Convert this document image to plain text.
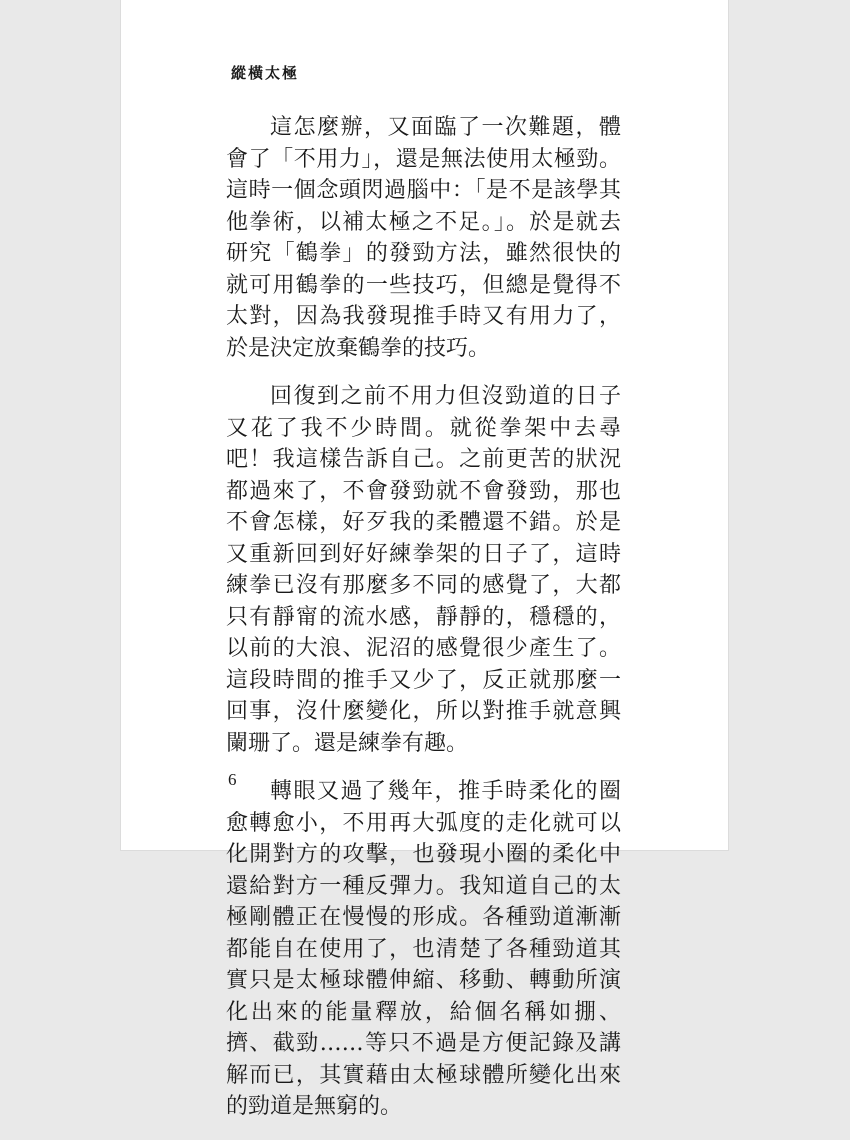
縱橫太極

這怎麼辦，又面臨了一次難題，體會了「不用力」，還是無法使用太極勁。這時一個念頭閃過腦中：「是不是該學其他拳術，以補太極之不足。」。於是就去研究「鶴拳」的發勁方法，雖然很快的就可用鶴拳的一些技巧，但總是覺得不太對，因為我發現推手時又有用力了，於是決定放棄鶴拳的技巧。

回復到之前不用力但沒勁道的日子又花了我不少時間。就從拳架中去尋吧！我這樣告訴自己。之前更苦的狀況都過來了，不會發勁就不會發勁，那也不會怎樣，好歹我的柔體還不錯。於是又重新回到好好練拳架的日子了，這時練拳已沒有那麼多不同的感覺了，大都只有靜甯的流水感，靜靜的，穩穩的，以前的大浪、泥沼的感覺很少產生了。這段時間的推手又少了，反正就那麼一回事，沒什麼變化，所以對推手就意興闌珊了。還是練拳有趣。

轉眼又過了幾年，推手時柔化的圈愈轉愈小，不用再大弧度的走化就可以化開對方的攻擊，也發現小圈的柔化中還給對方一種反彈力。我知道自己的太極剛體正在慢慢的形成。各種勁道漸漸都能自在使用了，也清楚了各種勁道其實只是太極球體伸縮、移動、轉動所演化出來的能量釋放，給個名稱如掤、擠、截勁……等只不過是方便記錄及講解而已，其實藉由太極球體所變化出來的勁道是無窮的。

6
